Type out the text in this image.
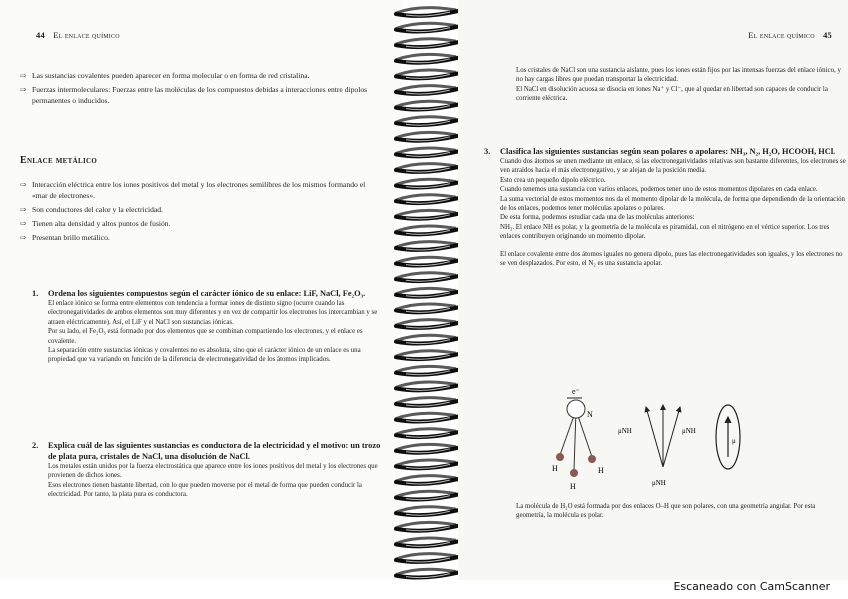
44 El enlace químico

⇨ Las sustancias covalentes pueden aparecer en forma molecular o en forma de red cristalina.

⇨ Fuerzas intermoleculares: Fuerzas entre las moléculas de los compuestos debidas a interacciones entre dipolos permanentes o inducidos.

Enlace metálico

⇨ Interacción eléctrica entre los iones positivos del metal y los electrones semilibres de los mismos formando el «mar de electrones».

⇨ Son conductores del calor y la electricidad.

⇨ Tienen alta densidad y altos puntos de fusión.

⇨ Presentan brillo metálico.

1. Ordena los siguientes compuestos según el carácter iónico de su enlace: LiF, NaCl, Fe₂O₃.

El enlace iónico se forma entre elementos con tendencia a formar iones de distinto signo (ocurre cuando las electronegatividades de ambos elementos son muy diferentes y en vez de compartir los electrones los intercambian y se atraen eléctricamente). Así, el LiF y el NaCl son sustancias iónicas.

Por su lado, el Fe₂O₃ está formado por dos elementos que se combinan compartiendo los electrones, y el enlace es covalente.

La separación entre sustancias iónicas y covalentes no es absoluta, sino que el carácter iónico de un enlace es una propiedad que va variando en función de la diferencia de electronegatividad de los átomos implicados.

2. Explica cuál de las siguientes sustancias es conductora de la electricidad y el motivo: un trozo de plata pura, cristales de NaCl, una disolución de NaCl.

Los metales están unidos por la fuerza electrostática que aparece entre los iones positivos del metal y los electrones que provienen de dichos iones.

Esos electrones tienen bastante libertad, con lo que pueden moverse por el metal de forma que pueden conducir la electricidad. Por tanto, la plata pura es conductora.

El enlace químico 45

Los cristales de NaCl son una sustancia aislante, pues los iones están fijos por las intensas fuerzas del enlace iónico, y no hay cargas libres que puedan transportar la electricidad.

El NaCl en disolución acuosa se disocia en iones Na⁺ y Cl⁻, que al quedar en libertad son capaces de conducir la corriente eléctrica.

3. Clasifica las siguientes sustancias según sean polares o apolares: NH₃, N₂, H₂O, HCOOH, HCl.

Cuando dos átomos se unen mediante un enlace, si las electronegatividades relativas son bastante diferentes, los electrones se ven atraídos hacia el más electronegativo, y se alejan de la posición media.

Esto crea un pequeño dipolo eléctrico.

Cuando tenemos una sustancia con varios enlaces, podemos tener uno de estos momentos dipolares en cada enlace.

La suma vectorial de estos momentos nos da el momento dipolar de la molécula, de forma que dependiendo de la orientación de los enlaces, podemos tener moléculas apolares o polares.

De esta forma, podemos estudiar cada una de las moléculas anteriores:

NH₃. El enlace NH es polar, y la geometría de la molécula es piramidal, con el nitrógeno en el vértice superior. Los tres enlaces contribuyen originando un momento dipolar.

El enlace covalente entre dos átomos iguales no genera dipolo, pues las electronegatividades son iguales, y los electrones no se ven desplazados. Por esto, el N₂ es una sustancia apolar.

e⁻
N
H
H
H
μNH	μNH
μNH
μ

La molécula de H₂O está formada por dos enlaces O–H que son polares, con una geometría angular. Por esta geometría, la molécula es polar.

Escaneado con CamScanner
